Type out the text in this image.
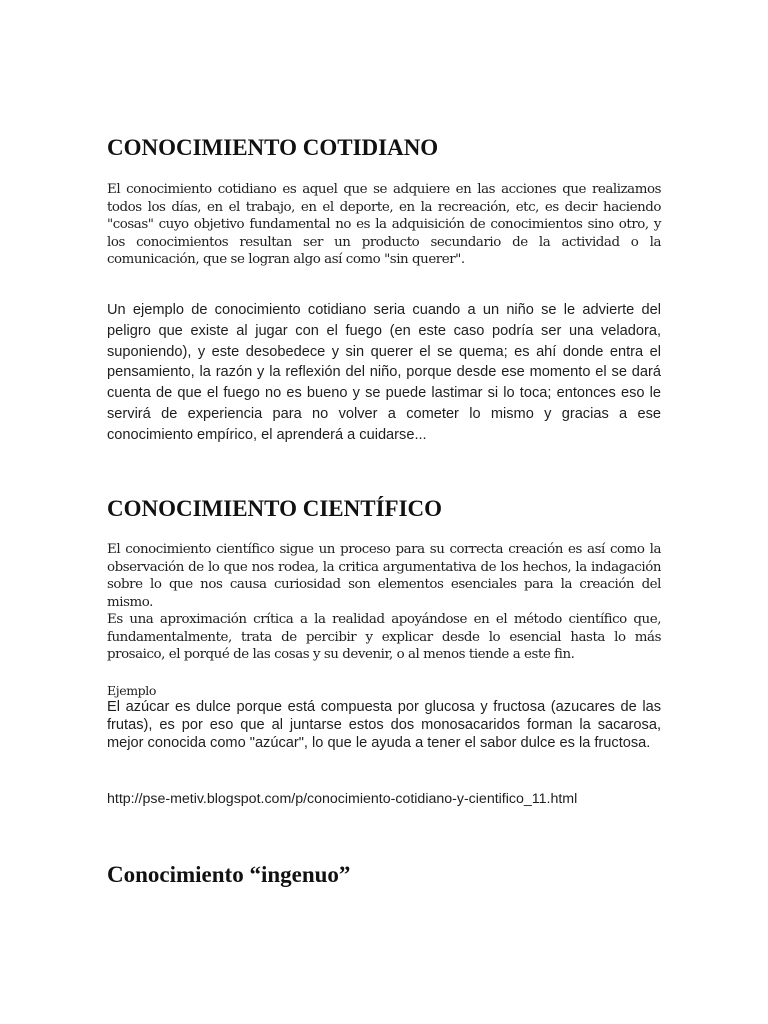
CONOCIMIENTO COTIDIANO

El conocimiento cotidiano es aquel que se adquiere en las acciones que realizamos todos los días, en el trabajo, en el deporte, en la recreación, etc, es decir haciendo "cosas" cuyo objetivo fundamental no es la adquisición de conocimientos sino otro, y los conocimientos resultan ser un producto secundario de la actividad o la comunicación, que se logran algo así como "sin querer".

Un ejemplo de conocimiento cotidiano seria cuando a un niño se le advierte del peligro que existe al jugar con el fuego (en este caso podría ser una veladora, suponiendo), y este desobedece y sin querer el se quema; es ahí donde entra el pensamiento, la razón y la reflexión del niño, porque desde ese momento el se dará cuenta de que el fuego no es bueno y se puede lastimar si lo toca; entonces eso le servirá de experiencia para no volver a cometer lo mismo y gracias a ese conocimiento empírico, el aprenderá a cuidarse...

CONOCIMIENTO CIENTÍFICO

El conocimiento científico sigue un proceso para su correcta creación es así como la observación de lo que nos rodea, la critica argumentativa de los hechos, la indagación sobre lo que nos causa curiosidad son elementos esenciales para la creación del mismo.

Es una aproximación crítica a la realidad apoyándose en el método científico que, fundamentalmente, trata de percibir y explicar desde lo esencial hasta lo más prosaico, el porqué de las cosas y su devenir, o al menos tiende a este fin.

Ejemplo

El azúcar es dulce porque está compuesta por glucosa y fructosa (azucares de las frutas), es por eso que al juntarse estos dos monosacaridos forman la sacarosa, mejor conocida como "azúcar", lo que le ayuda a tener el sabor dulce es la fructosa.

http://pse-metiv.blogspot.com/p/conocimiento-cotidiano-y-cientifico_11.html

Conocimiento “ingenuo”
